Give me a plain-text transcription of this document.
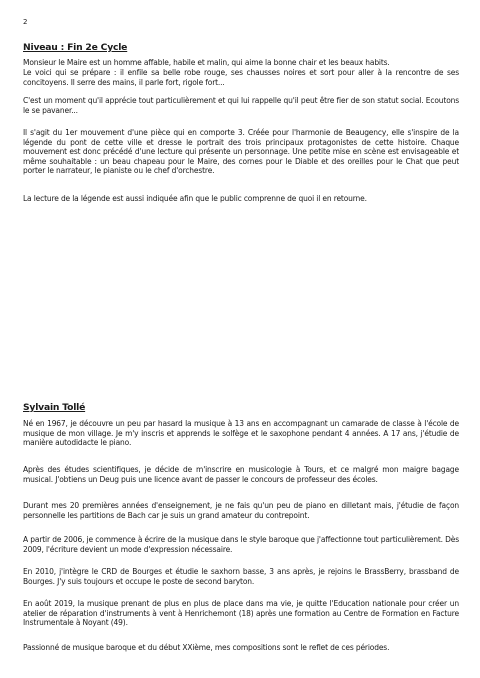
2
Niveau : Fin 2e Cycle

Monsieur le Maire est un homme affable, habile et malin, qui aime la bonne chair et les beaux habits.

Le voici qui se prépare : il enfile sa belle robe rouge, ses chausses noires et sort pour aller à la rencontre de ses concitoyens. Il serre des mains, il parle fort, rigole fort...

C'est un moment qu'il apprécie tout particulièrement et qui lui rappelle qu'il peut être fier de son statut social. Ecoutons le se pavaner...

Il s'agit du 1er mouvement d'une pièce qui en comporte 3. Créée pour l'harmonie de Beaugency, elle s'inspire de la légende du pont de cette ville et dresse le portrait des trois principaux protagonistes de cette histoire. Chaque mouvement est donc précédé d'une lecture qui présente un personnage. Une petite mise en scène est envisageable et même souhaitable : un beau chapeau pour le Maire, des cornes pour le Diable et des oreilles pour le Chat que peut porter le narrateur, le pianiste ou le chef d'orchestre.

La lecture de la légende est aussi indiquée afin que le public comprenne de quoi il en retourne.

Sylvain Tollé

Né en 1967, je découvre un peu par hasard la musique à 13 ans en accompagnant un camarade de classe à l'école de musique de mon village. Je m'y inscris et apprends le solfège et le saxophone pendant 4 années. A 17 ans, j'étudie de manière autodidacte le piano.

Après des études scientifiques, je décide de m'inscrire en musicologie à Tours, et ce malgré mon maigre bagage musical. J'obtiens un Deug puis une licence avant de passer le concours de professeur des écoles.

Durant mes 20 premières années d'enseignement, je ne fais qu'un peu de piano en dilletant mais, j'étudie de façon personnelle les partitions de Bach car je suis un grand amateur du contrepoint.

A partir de 2006, je commence à écrire de la musique dans le style baroque que j'affectionne tout particulièrement. Dès 2009, l'écriture devient un mode d'expression nécessaire.

En 2010, j'intègre le CRD de Bourges et étudie le saxhorn basse, 3 ans après, je rejoins le BrassBerry, brassband de Bourges. J'y suis toujours et occupe le poste de second baryton.

En août 2019, la musique prenant de plus en plus de place dans ma vie, je quitte l'Education nationale pour créer un atelier de réparation d'instruments à vent à Henrichemont (18) après une formation au Centre de Formation en Facture Instrumentale à Noyant (49).

Passionné de musique baroque et du début XXième, mes compositions sont le reflet de ces périodes.
